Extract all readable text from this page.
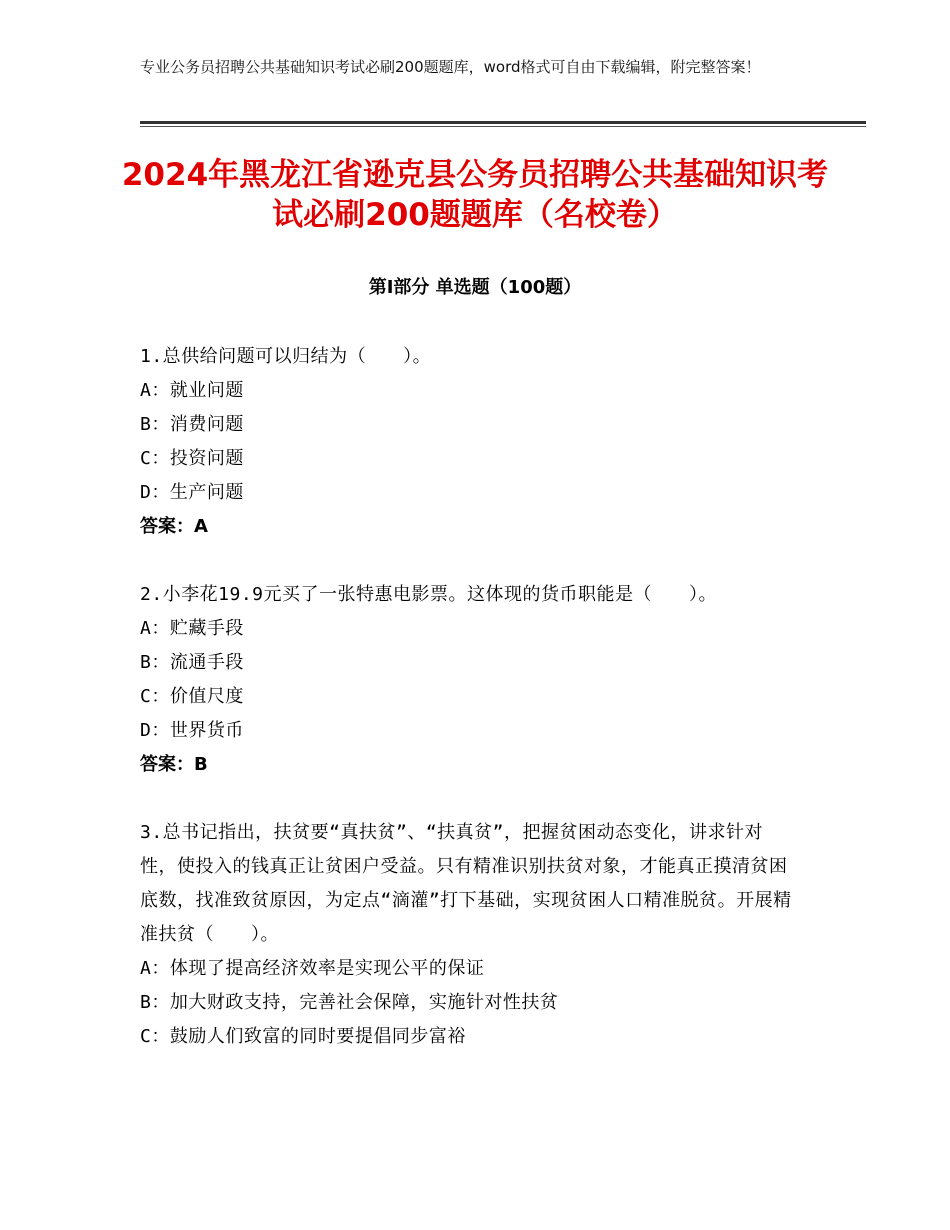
专业公务员招聘公共基础知识考试必刷200题题库，word格式可自由下载编辑，附完整答案！
2024年黑龙江省逊克县公务员招聘公共基础知识考试必刷200题题库（名校卷）
第Ⅰ部分 单选题（100题）

1.总供给问题可以归结为（　　）。

A：就业问题

B：消费问题

C：投资问题

D：生产问题

答案：A

2.小李花19.9元买了一张特惠电影票。这体现的货币职能是（　　）。

A：贮藏手段

B：流通手段

C：价值尺度

D：世界货币

答案：B

3.总书记指出，扶贫要“真扶贫”、“扶真贫”，把握贫困动态变化，讲求针对性，使投入的钱真正让贫困户受益。只有精准识别扶贫对象，才能真正摸清贫困底数，找准致贫原因，为定点“滴灌”打下基础，实现贫困人口精准脱贫。开展精准扶贫（　　）。

A：体现了提高经济效率是实现公平的保证

B：加大财政支持，完善社会保障，实施针对性扶贫

C：鼓励人们致富的同时要提倡同步富裕
